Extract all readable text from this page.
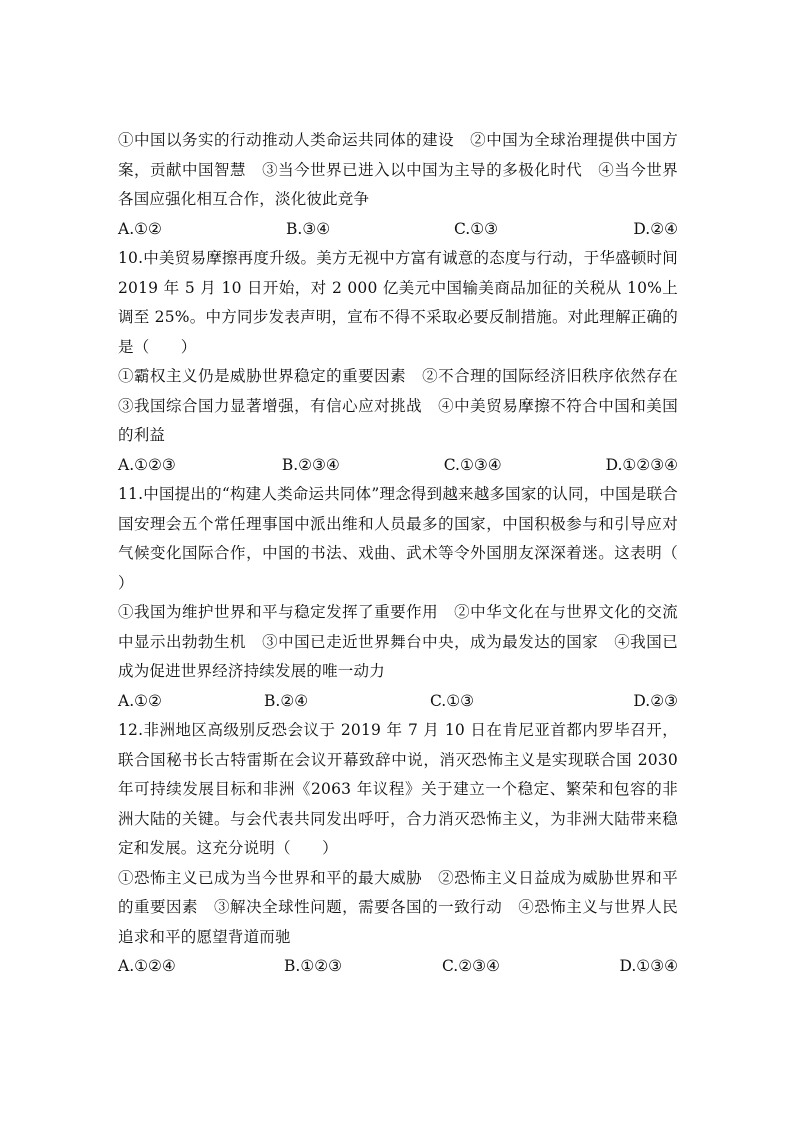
①中国以务实的行动推动人类命运共同体的建设　②中国为全球治理提供中国方案，贡献中国智慧　③当今世界已进入以中国为主导的多极化时代　④当今世界各国应强化相互合作，淡化彼此竞争

A.①②	B.③④	C.①③	D.②④

10.中美贸易摩擦再度升级。美方无视中方富有诚意的态度与行动，于华盛顿时间 2019 年 5 月 10 日开始，对 2 000 亿美元中国输美商品加征的关税从 10%上调至 25%。中方同步发表声明，宣布不得不采取必要反制措施。对此理解正确的是（　　）

①霸权主义仍是威胁世界稳定的重要因素　②不合理的国际经济旧秩序依然存在　③我国综合国力显著增强，有信心应对挑战　④中美贸易摩擦不符合中国和美国的利益

A.①②③	B.②③④	C.①③④	D.①②③④

11.中国提出的“构建人类命运共同体”理念得到越来越多国家的认同，中国是联合国安理会五个常任理事国中派出维和人员最多的国家，中国积极参与和引导应对气候变化国际合作，中国的书法、戏曲、武术等令外国朋友深深着迷。这表明（　　）

①我国为维护世界和平与稳定发挥了重要作用　②中华文化在与世界文化的交流中显示出勃勃生机　③中国已走近世界舞台中央，成为最发达的国家　④我国已成为促进世界经济持续发展的唯一动力

A.①②	B.②④	C.①③	D.②③

12.非洲地区高级别反恐会议于 2019 年 7 月 10 日在肯尼亚首都内罗毕召开，联合国秘书长古特雷斯在会议开幕致辞中说，消灭恐怖主义是实现联合国 2030 年可持续发展目标和非洲《2063 年议程》关于建立一个稳定、繁荣和包容的非洲大陆的关键。与会代表共同发出呼吁，合力消灭恐怖主义，为非洲大陆带来稳定和发展。这充分说明（　　）

①恐怖主义已成为当今世界和平的最大威胁　②恐怖主义日益成为威胁世界和平的重要因素　③解决全球性问题，需要各国的一致行动　④恐怖主义与世界人民追求和平的愿望背道而驰

A.①②④	B.①②③	C.②③④	D.①③④
